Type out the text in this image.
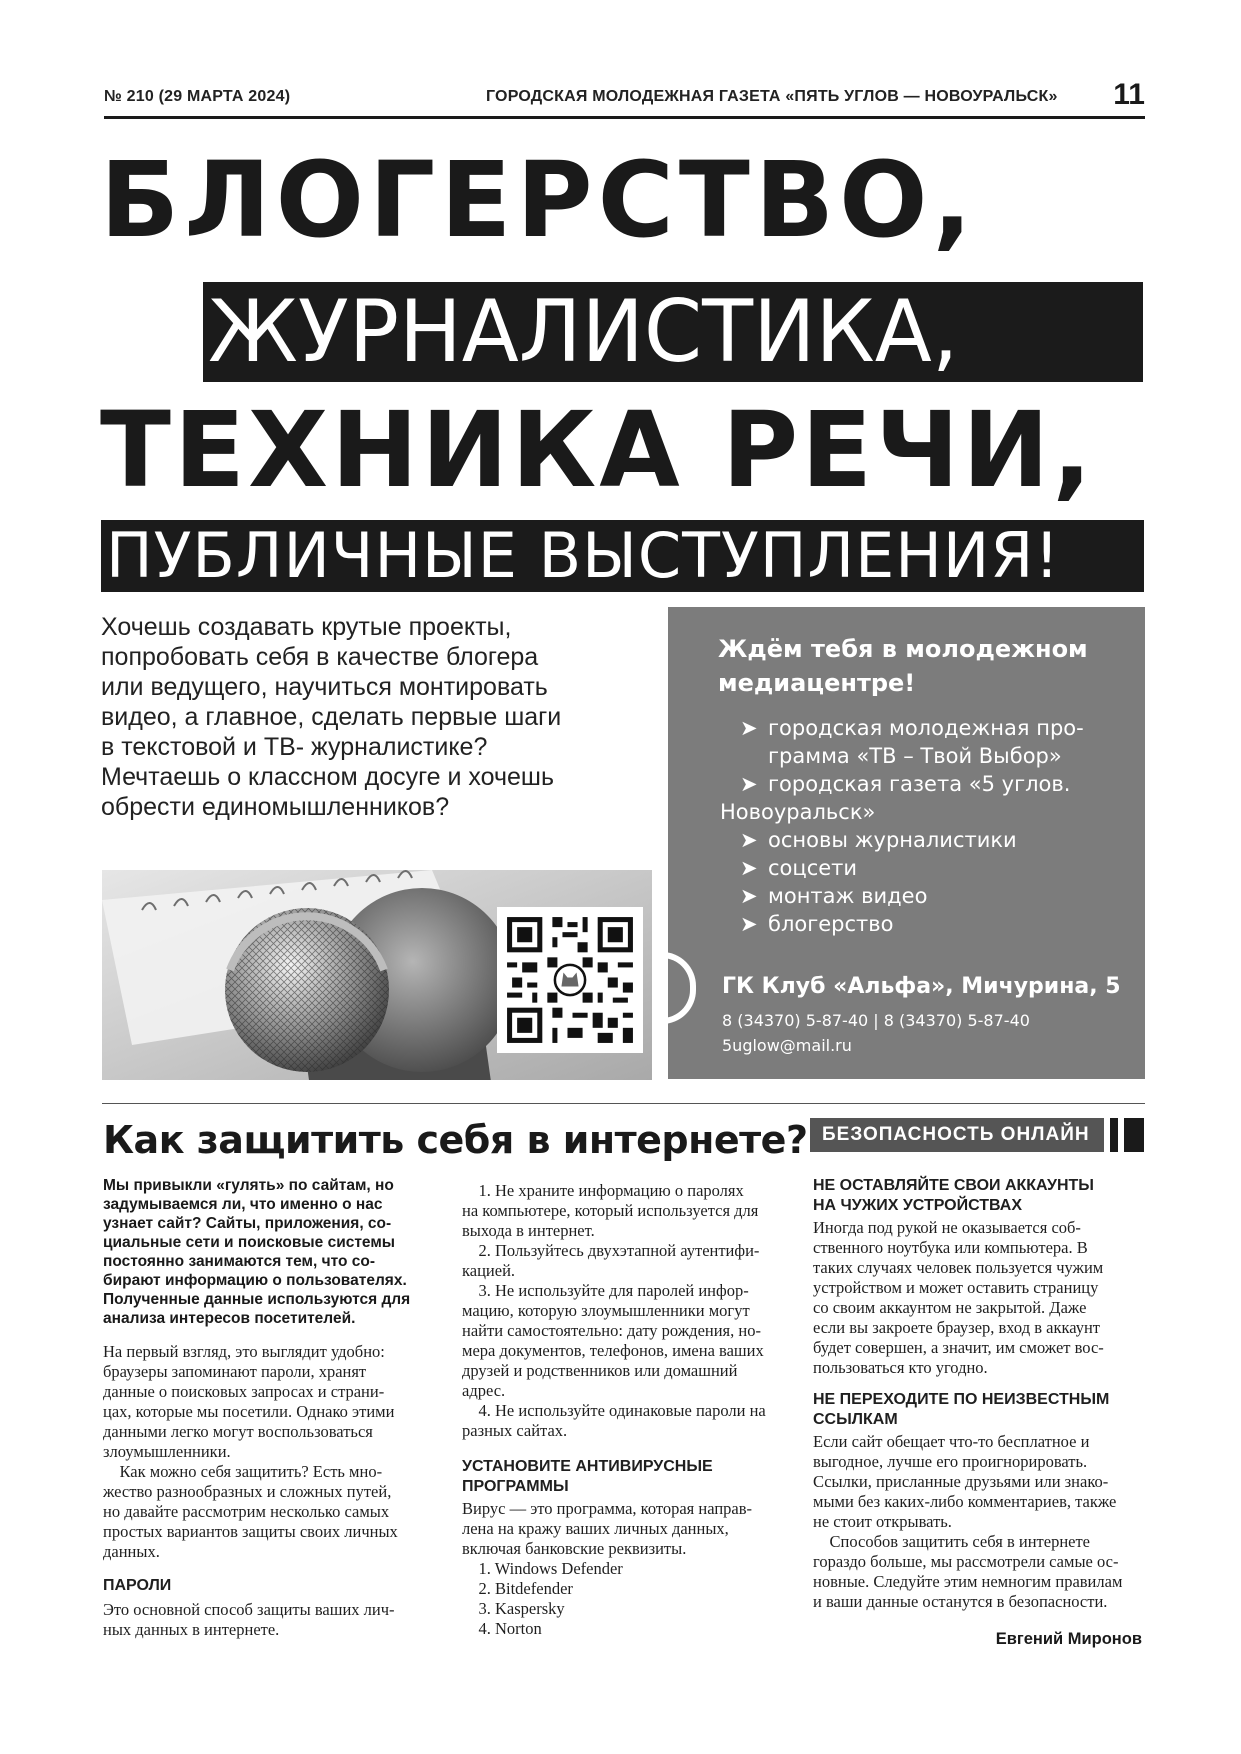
№ 210 (29 МАРТА 2024)	ГОРОДСКАЯ МОЛОДЕЖНАЯ ГАЗЕТА «ПЯТЬ УГЛОВ — НОВОУРАЛЬСК» 11
БЛОГЕРСТВО,
ЖУРНАЛИСТИКА,
ТЕХНИКА РЕЧИ,
ПУБЛИЧНЫЕ ВЫСТУПЛЕНИЯ!
Хочешь создавать крутые проекты,
попробовать себя в качестве блогера
или ведущего, научиться монтировать
видео, а главное, сделать первые шаги
в текстовой и ТВ- журналистике?
Мечтаешь о классном досуге и хочешь
обрести единомышленников?
Ждём тебя в молодежном
медиацентре!
➤ городская молодежная про-
грамма «ТВ – Твой Выбор»
➤ городская газета «5 углов.
Новоуральск»
➤ основы журналистики
➤ соцсети
➤ монтаж видео
➤ блогерство
ГК Клуб «Альфа», Мичурина, 5
8 (34370) 5-87-40 | 8 (34370) 5-87-40
5uglow@mail.ru
Как защитить себя в интернете?
Мы привыкли «гулять» по сайтам, но
задумываемся ли, что именно о нас
узнает сайт? Сайты, приложения, со-
циальные сети и поисковые системы
постоянно занимаются тем, что со-
бирают информацию о пользователях.
Полученные данные используются для
анализа интересов посетителей.
На первый взгляд, это выглядит удобно:
браузеры запоминают пароли, хранят
данные о поисковых запросах и страни-
цах, которые мы посетили. Однако этими
данными легко могут воспользоваться
злоумышленники.
Как можно себя защитить? Есть мно-
жество разнообразных и сложных путей,
но давайте рассмотрим несколько самых
простых вариантов защиты своих личных
данных.
ПАРОЛИ
Это основной способ защиты ваших лич-
ных данных в интернете.
1. Не храните информацию о паролях
на компьютере, который используется для
выхода в интернет.
2. Пользуйтесь двухэтапной аутентифи-
кацией.
3. Не используйте для паролей инфор-
мацию, которую злоумышленники могут
найти самостоятельно: дату рождения, но-
мера документов, телефонов, имена ваших
друзей и родственников или домашний
адрес.
4. Не используйте одинаковые пароли на
разных сайтах.
УСТАНОВИТЕ АНТИВИРУСНЫЕ
ПРОГРАММЫ
Вирус — это программа, которая направ-
лена на кражу ваших личных данных,
включая банковские реквизиты.
1. Windows Defender
2. Bitdefender
3. Kaspersky
4. Norton
БЕЗОПАСНОСТЬ ОНЛАЙН
НЕ ОСТАВЛЯЙТЕ СВОИ АККАУНТЫ
НА ЧУЖИХ УСТРОЙСТВАХ
Иногда под рукой не оказывается соб-
ственного ноутбука или компьютера. В
таких случаях человек пользуется чужим
устройством и может оставить страницу
со своим аккаунтом не закрытой. Даже
если вы закроете браузер, вход в аккаунт
будет совершен, а значит, им сможет вос-
пользоваться кто угодно.
НЕ ПЕРЕХОДИТЕ ПО НЕИЗВЕСТНЫМ
ССЫЛКАМ
Если сайт обещает что-то бесплатное и
выгодное, лучше его проигнорировать.
Ссылки, присланные друзьями или знако-
мыми без каких-либо комментариев, также
не стоит открывать.
Способов защитить себя в интернете
гораздо больше, мы рассмотрели самые ос-
новные. Следуйте этим немногим правилам
и ваши данные останутся в безопасности.
Евгений Миронов
